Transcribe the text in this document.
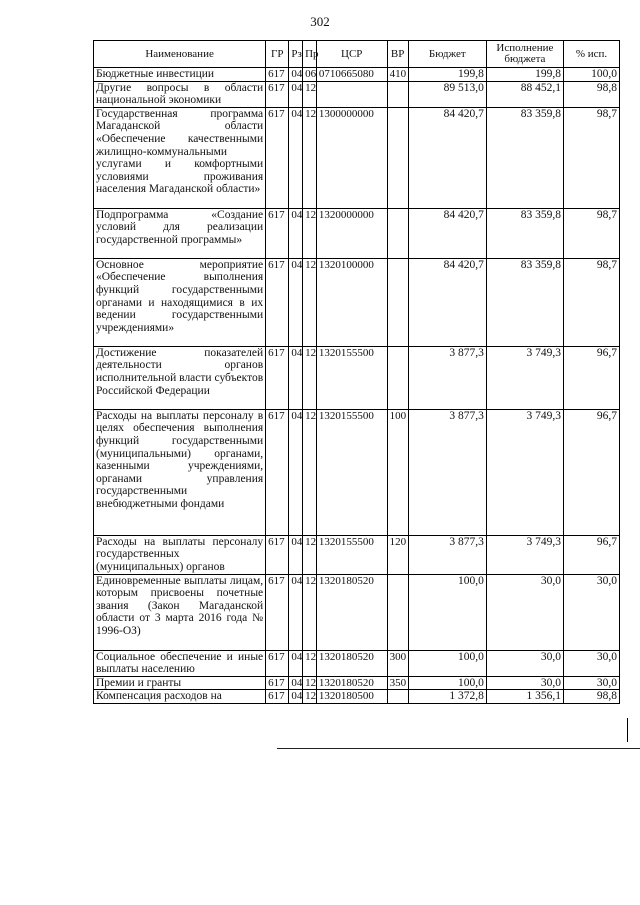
302
Наименование	ГР	Рз	Пр	ЦСР	ВР	Бюджет	Исполнение бюджета	% исп.
Бюджетные инвестиции	617	04	06	0710665080	410	199,8	199,8	100,0
Другие вопросы в области национальной экономики	617	04	12			89 513,0	88 452,1	98,8
Государственная программа Магаданской области «Обеспечение качественными жилищно-коммунальными услугами и комфортными условиями проживания населения Магаданской области»	617	04	12	1300000000		84 420,7	83 359,8	98,7
Подпрограмма «Создание условий для реализации государственной программы»	617	04	12	1320000000		84 420,7	83 359,8	98,7
Основное мероприятие «Обеспечение выполнения функций государственными органами и находящимися в их ведении государственными учреждениями»	617	04	12	1320100000		84 420,7	83 359,8	98,7
Достижение показателей деятельности органов исполнительной власти субъектов Российской Федерации	617	04	12	1320155500		3 877,3	3 749,3	96,7
Расходы на выплаты персоналу в целях обеспечения выполнения функций государственными (муниципальными) органами, казенными учреждениями, органами управления государственными внебюджетными фондами	617	04	12	1320155500	100	3 877,3	3 749,3	96,7
Расходы на выплаты персоналу государственных (муниципальных) органов	617	04	12	1320155500	120	3 877,3	3 749,3	96,7
Единовременные выплаты лицам, которым присвоены почетные звания (Закон Магаданской области от 3 марта 2016 года № 1996-ОЗ)	617	04	12	1320180520		100,0	30,0	30,0
Социальное обеспечение и иные выплаты населению	617	04	12	1320180520	300	100,0	30,0	30,0
Премии и гранты	617	04	12	1320180520	350	100,0	30,0	30,0
Компенсация расходов на	617	04	12	1320180500		1 372,8	1 356,1	98,8
